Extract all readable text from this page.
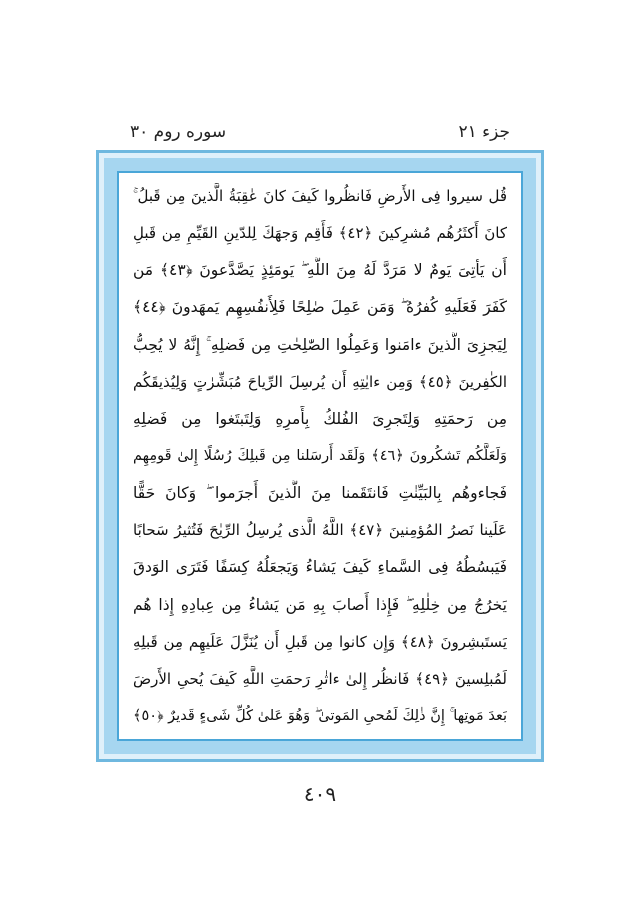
جزء ٢١
سوره روم ٣٠
قُل سيروا فِى الأَرضِ فَانظُروا كَيفَ كانَ عٰقِبَةُ الَّذينَ مِن قَبلُ ۚ
كانَ أَكثَرُهُم مُشرِكينَ ﴿٤٢﴾ فَأَقِم وَجهَكَ لِلدّينِ القَيِّمِ مِن قَبلِ
أَن يَأتِىَ يَومٌ لا مَرَدَّ لَهُ مِنَ اللَّهِ ۖ يَومَئِذٍ يَصَّدَّعونَ ﴿٤٣﴾ مَن
كَفَرَ فَعَلَيهِ كُفرُهُ ۖ وَمَن عَمِلَ صٰلِحًا فَلِأَنفُسِهِم يَمهَدونَ ﴿٤٤﴾
لِيَجزِىَ الَّذينَ ءامَنوا وَعَمِلُوا الصّٰلِحٰتِ مِن فَضلِهِ ۚ إِنَّهُ لا يُحِبُّ
الكٰفِرينَ ﴿٤٥﴾ وَمِن ءايٰتِهِ أَن يُرسِلَ الرِّياحَ مُبَشِّرٰتٍ وَلِيُذيقَكُم
مِن رَحمَتِهِ وَلِتَجرِىَ الفُلكُ بِأَمرِهِ وَلِتَبتَغوا مِن فَضلِهِ
وَلَعَلَّكُم تَشكُرونَ ﴿٤٦﴾ وَلَقَد أَرسَلنا مِن قَبلِكَ رُسُلًا إِلىٰ قَومِهِم
فَجاءوهُم بِالبَيِّنٰتِ فَانتَقَمنا مِنَ الَّذينَ أَجرَموا ۖ وَكانَ حَقًّا
عَلَينا نَصرُ المُؤمِنينَ ﴿٤٧﴾ اللَّهُ الَّذى يُرسِلُ الرِّيٰحَ فَتُثيرُ سَحابًا
فَيَبسُطُهُ فِى السَّماءِ كَيفَ يَشاءُ وَيَجعَلُهُ كِسَفًا فَتَرَى الوَدقَ
يَخرُجُ مِن خِلٰلِهِ ۖ فَإِذا أَصابَ بِهِ مَن يَشاءُ مِن عِبادِهِ إِذا هُم
يَستَبشِرونَ ﴿٤٨﴾ وَإِن كانوا مِن قَبلِ أَن يُنَزَّلَ عَلَيهِم مِن قَبلِهِ
لَمُبلِسينَ ﴿٤٩﴾ فَانظُر إِلىٰ ءاثٰرِ رَحمَتِ اللَّهِ كَيفَ يُحىِ الأَرضَ
بَعدَ مَوتِها ۚ إِنَّ ذٰلِكَ لَمُحىِ المَوتىٰ ۖ وَهُوَ عَلىٰ كُلِّ شَىءٍ قَديرٌ ﴿٥٠﴾
٤٠٩
